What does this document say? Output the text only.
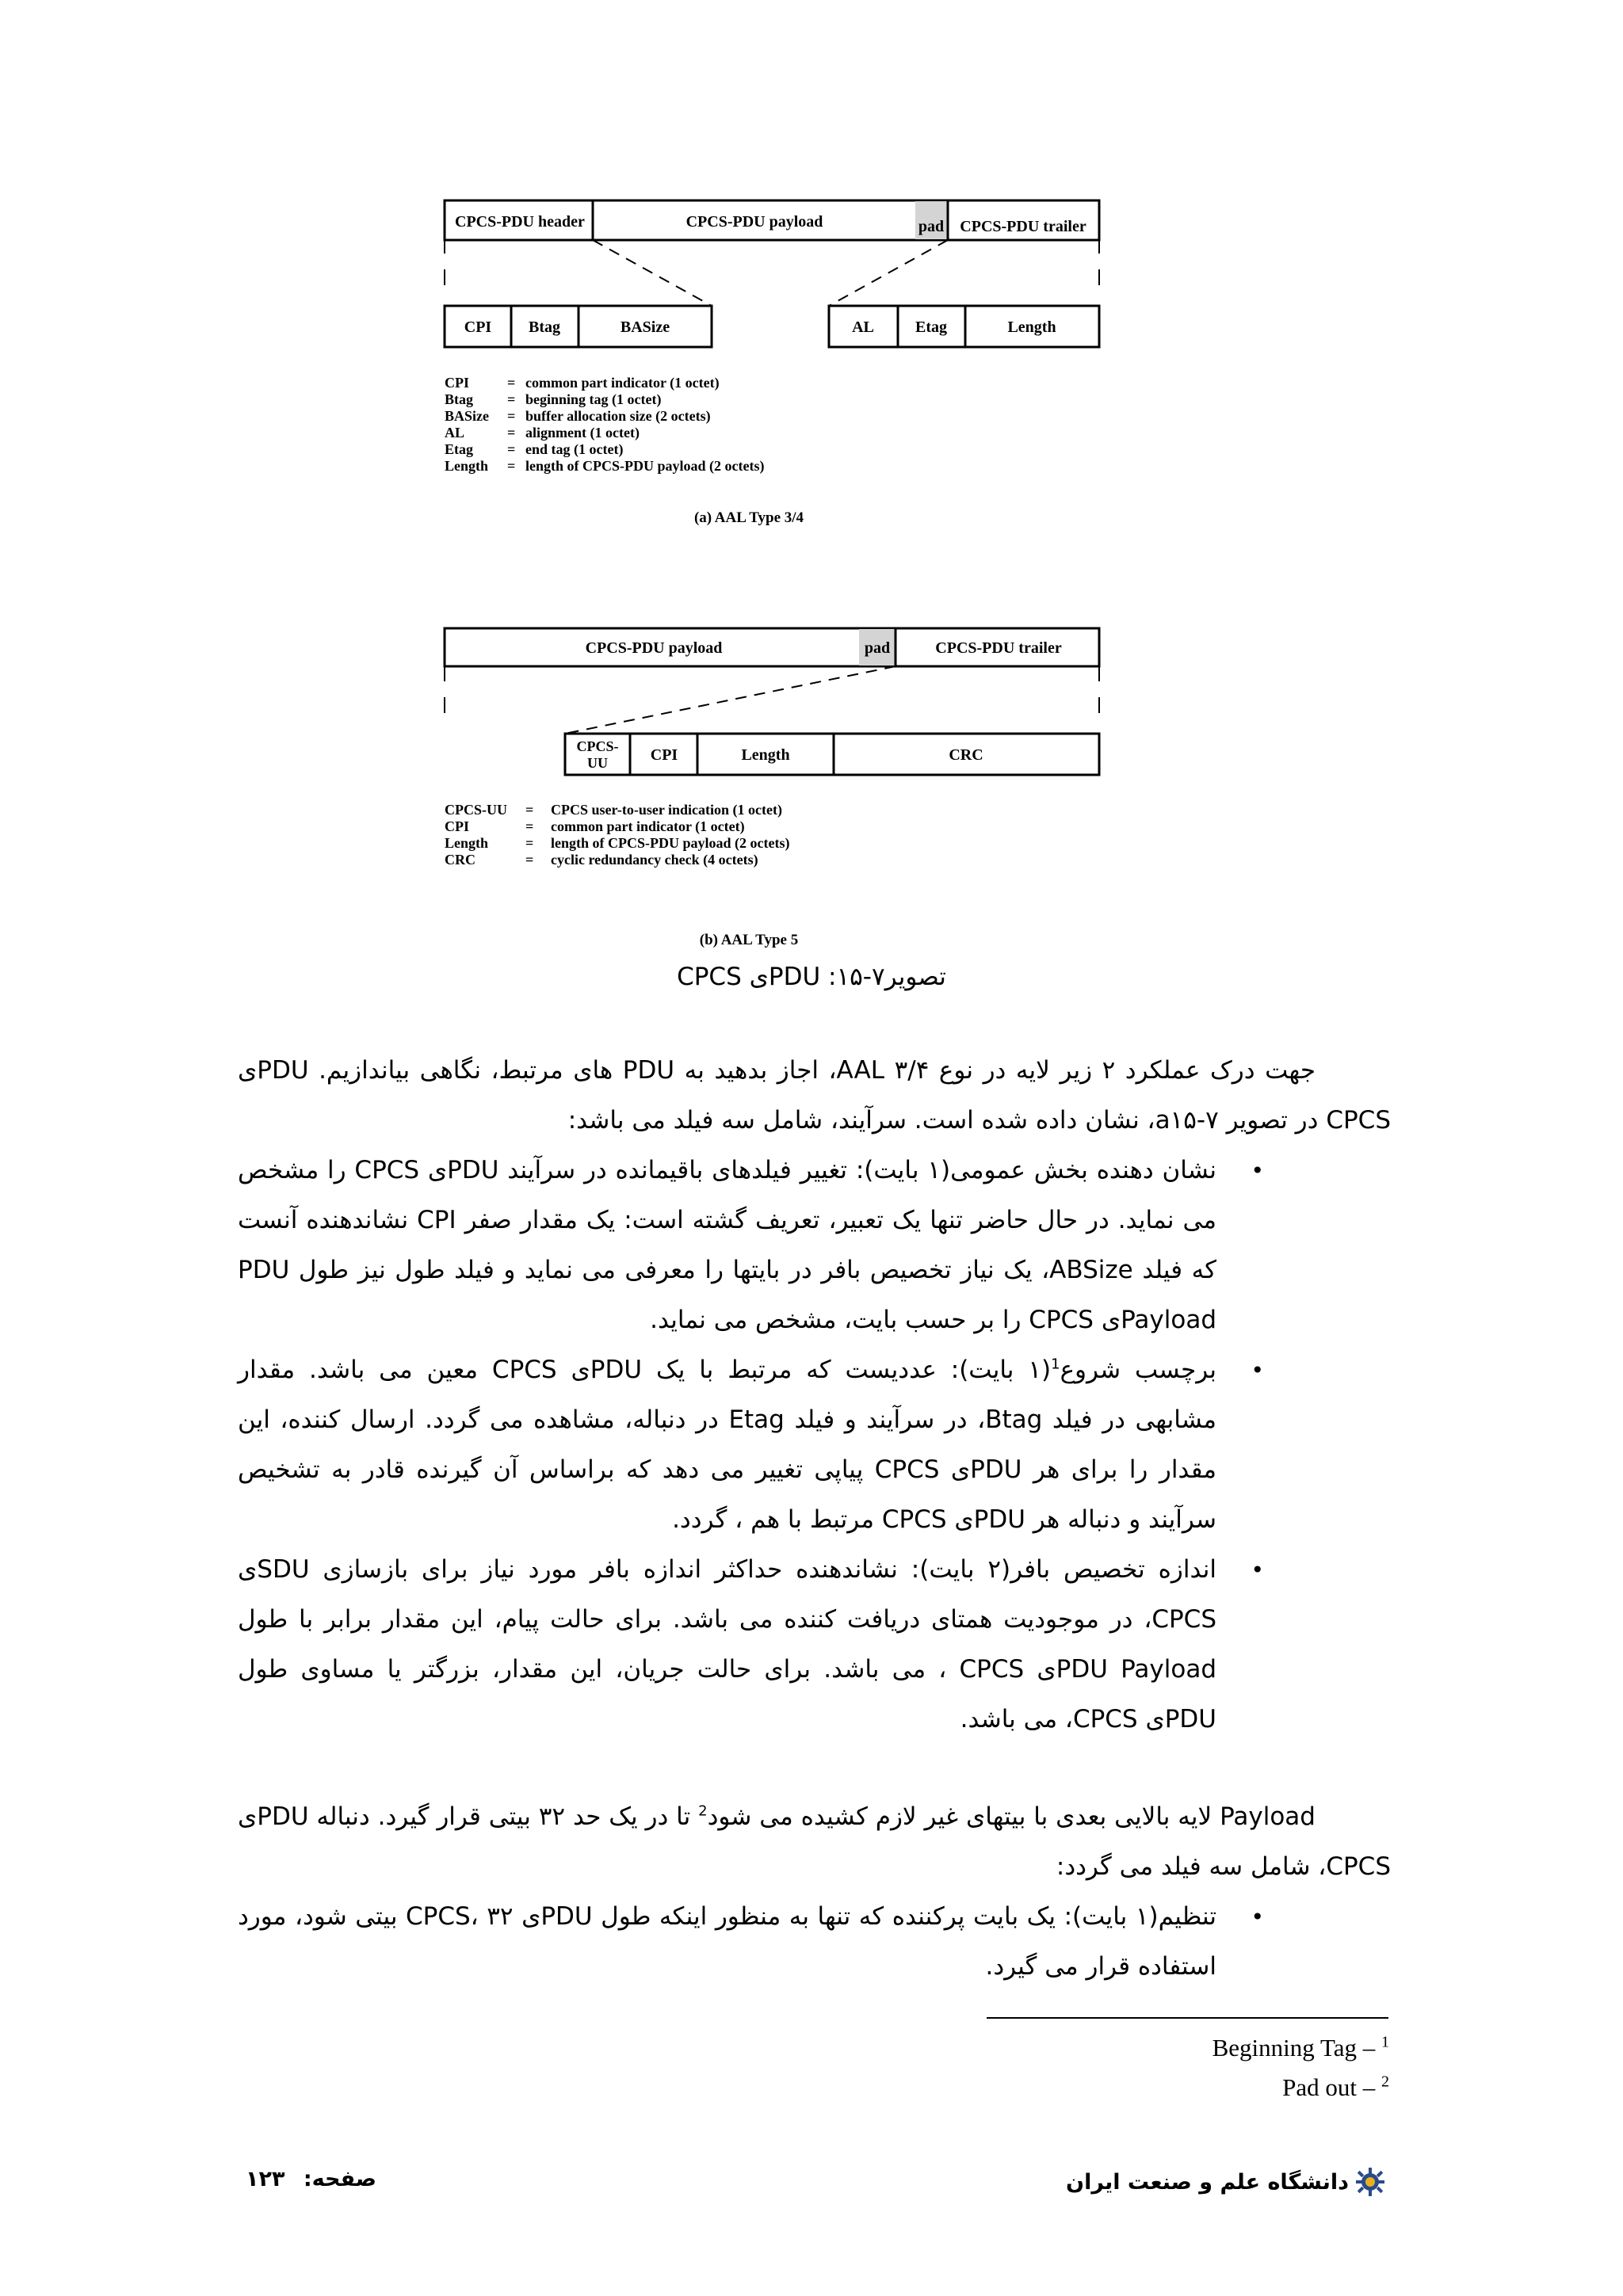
CPCS-PDU header	CPCS-PDU payload	pad CPCS-PDU trailer
CPI Btag	BASize	AL	Etag	Length
CPI	= common part indicator (1 octet)
Btag = beginning tag (1 octet)
BASize = buffer allocation size (2 octets)
AL	= alignment (1 octet)
Etag = end tag (1 octet)
Length = length of CPCS-PDU payload (2 octets)
(a) AAL Type 3/4
CPCS-PDU payload	pad	CPCS-PDU trailer
CPCS-
UU	CPI	Length	CRC
CPCS-UU = CPCS user-to-user indication (1 octet)
CPI	= common part indicator (1 octet)
Length	= length of CPCS-PDU payload (2 octets)
CRC	= cyclic redundancy check (4 octets)
(b) AAL Type 5
تصویر۷-۱۵: PDUی CPCS

جهت درک عملکرد ۲ زیر لایه در نوع AAL ۳/۴، اجاز بدهید به PDU های مرتبط، نگاهی بیاندازیم. PDUی CPCS در تصویر ۷-a۱۵، نشان داده شده است. سرآیند، شامل سه فیلد می باشد:

•
نشان دهنده بخش عمومی(۱ بایت): تغییر فیلدهای باقیمانده در سرآیند PDUی CPCS را مشخص می نماید. در حال حاضر تنها یک تعبیر، تعریف گشته است: یک مقدار صفر CPI نشاندهنده آنست که فیلد ABSize، یک نیاز تخصیص بافر در بایتها را معرفی می نماید و فیلد طول نیز طول PDU Payloadی CPCS را بر حسب بایت، مشخص می نماید.
•
برچسب شروع$^1$(۱ بایت): عددیست که مرتبط با یک PDUی CPCS معین می باشد. مقدار مشابهی در فیلد Btag، در سرآیند و فیلد Etag در دنباله، مشاهده می گردد. ارسال کننده، این مقدار را برای هر PDUی CPCS پیاپی تغییر می دهد که براساس آن گیرنده قادر به تشخیص سرآیند و دنباله هر PDUی CPCS مرتبط با هم ، گردد.
•
اندازه تخصیص بافر(۲ بایت): نشاندهنده حداکثر اندازه بافر مورد نیاز برای بازسازی SDUی CPCS، در موجودیت همتای دریافت کننده می باشد. برای حالت پیام، این مقدار برابر با طول PDU Payloadی CPCS ، می باشد. برای حالت جریان، این مقدار، بزرگتر یا مساوی طول PDUی CPCS، می باشد.

Payload لایه بالایی بعدی با بیتهای غیر لازم کشیده می شود$^2$ تا در یک حد ۳۲ بیتی قرار گیرد. دنباله PDUی CPCS، شامل سه فیلد می گردد:

•
تنظیم(۱ بایت): یک بایت پرکننده که تنها به منظور اینکه طول PDUی CPCS، ۳۲ بیتی شود، مورد استفاده قرار می گیرد.
Beginning Tag – $^1$
Pad out – $^2$
دانشگاه علم و صنعت ایران
صفحه: ۱۲۳
